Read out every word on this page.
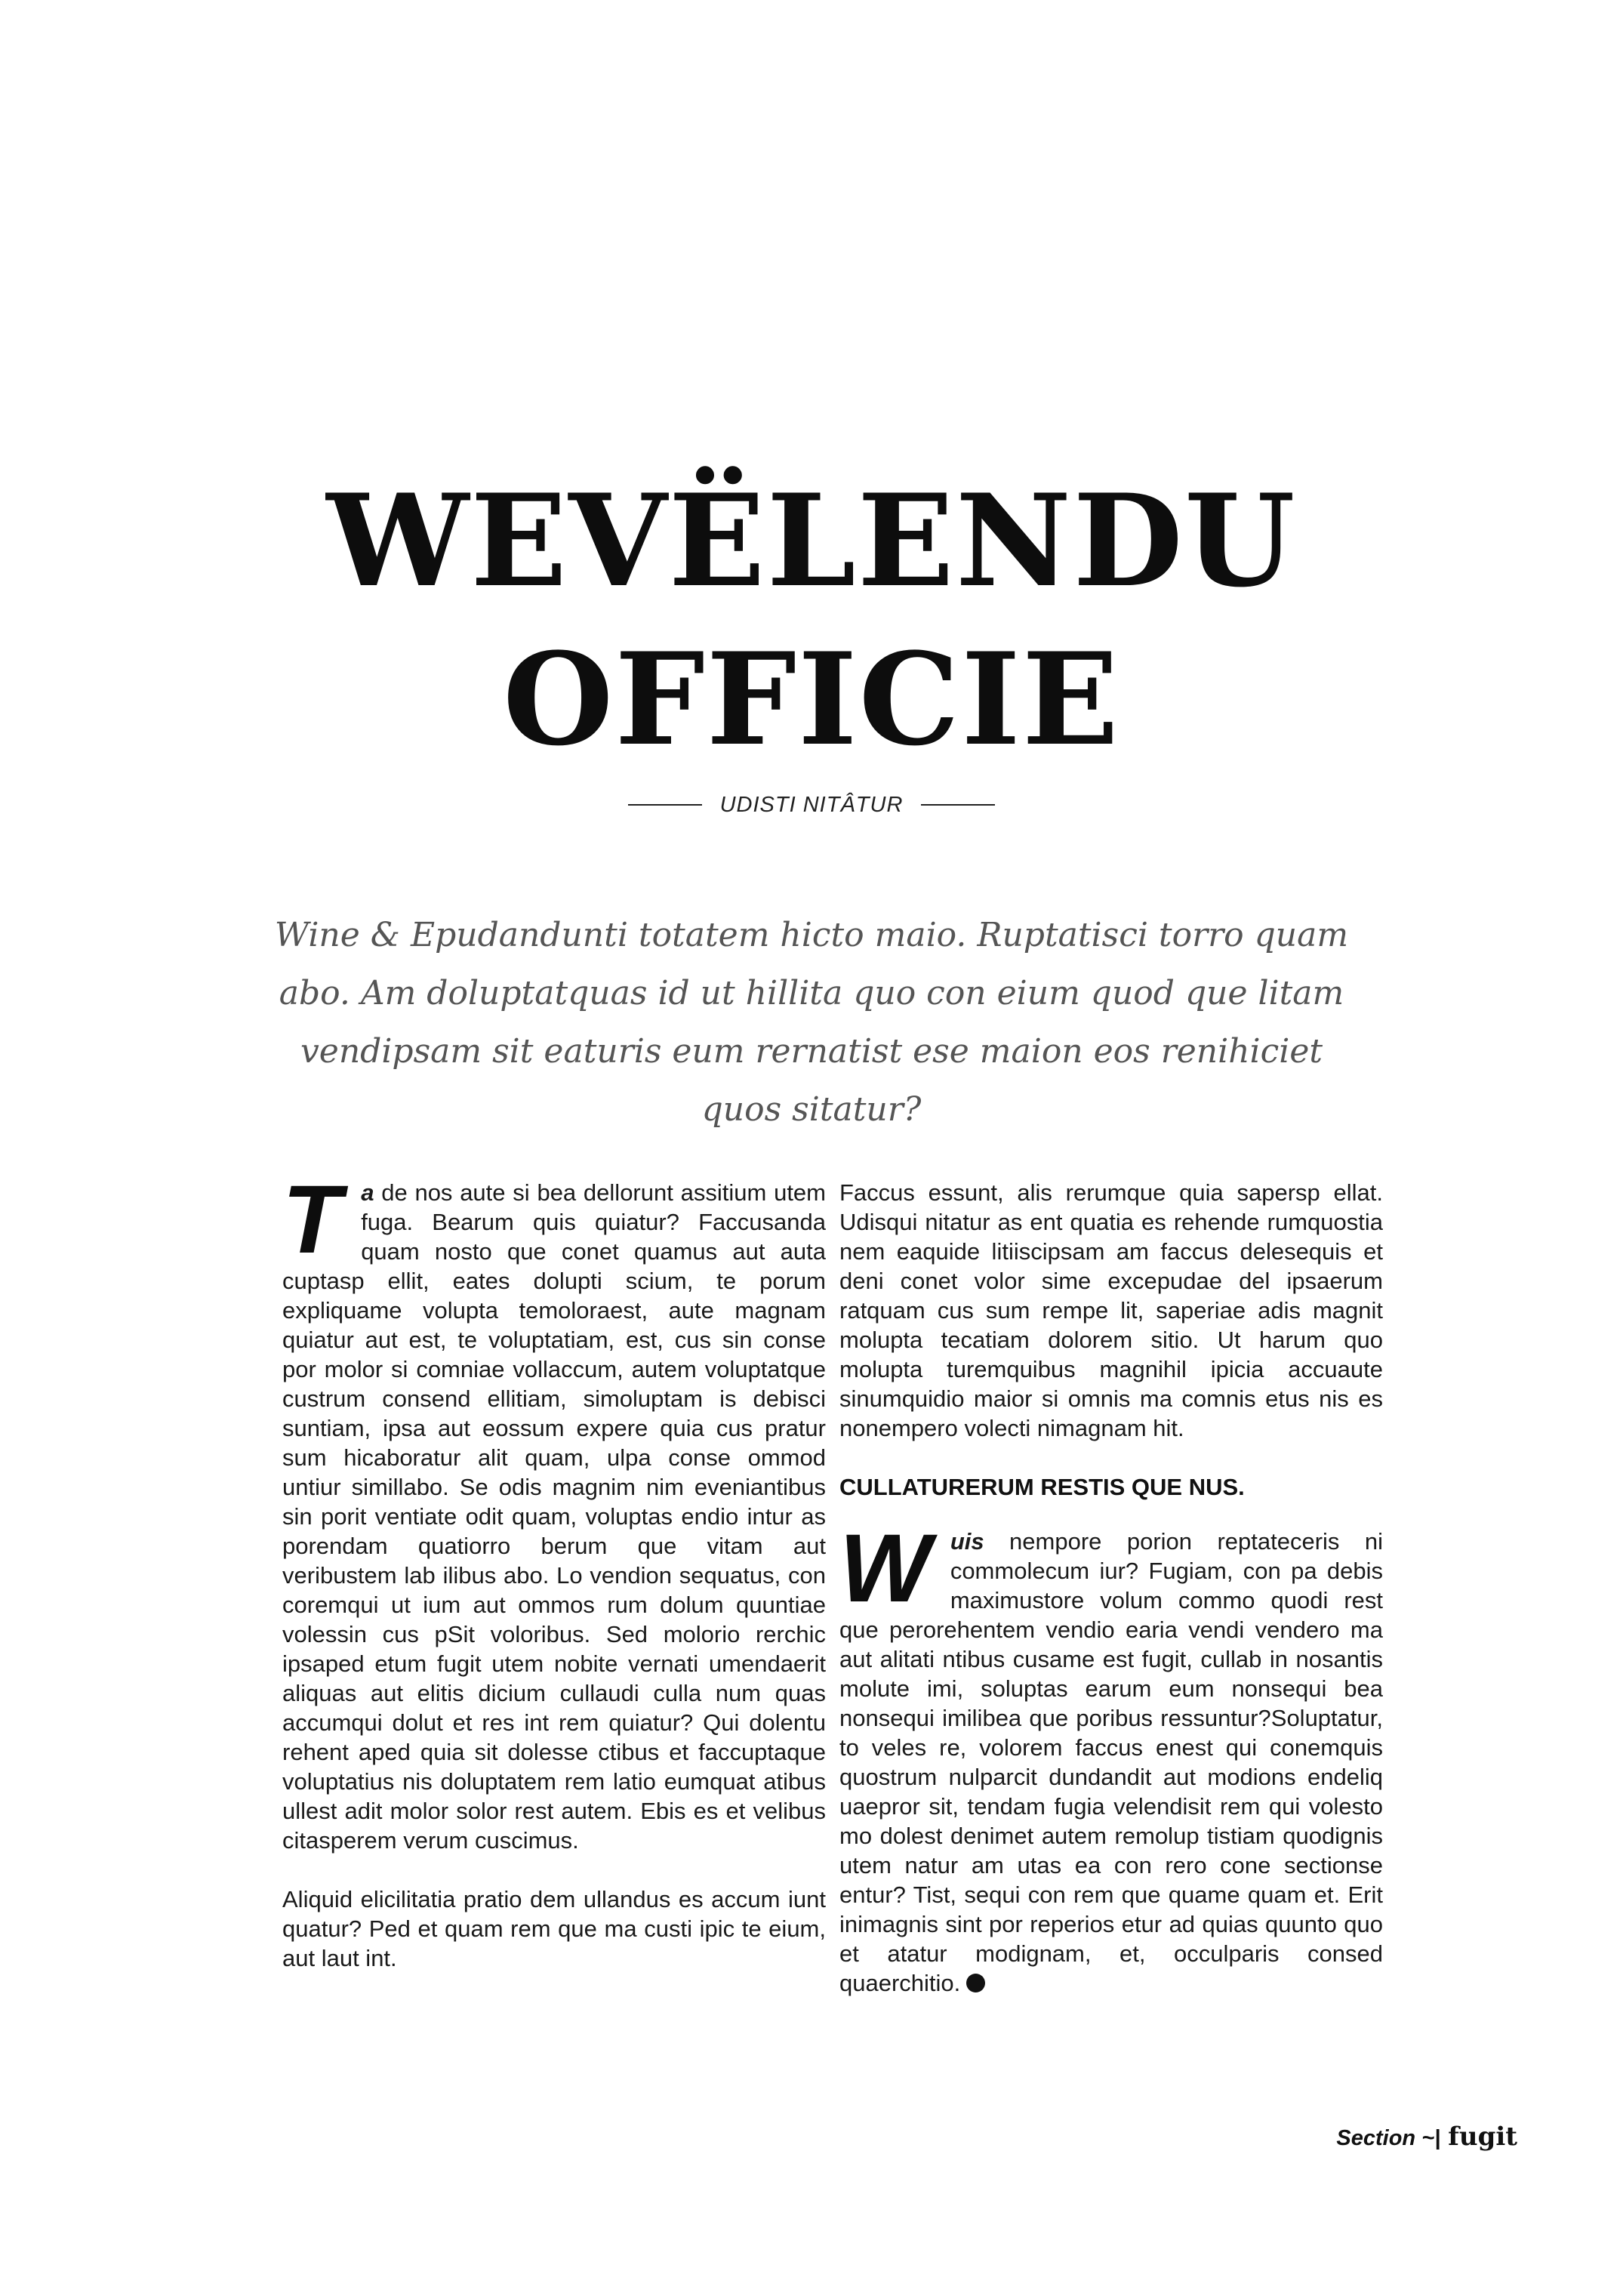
WEVËLENDU
OFFICIE
UDISTI NITÂTUR
Wine & Epudandunti totatem hicto maio. Ruptatisci torro quam abo. Am doluptatquas id ut hillita quo con eium quod que litam vendipsam sit eaturis eum rernatist ese maion eos renihiciet quos sitatur?

Ta de nos aute si bea dellorunt assitium utem fuga. Bearum quis quiatur? Faccusanda quam nosto que conet quamus aut auta cuptasp ellit, eates dolupti scium, te porum expliquame volupta temoloraest, aute magnam quiatur aut est, te voluptatiam, est, cus sin conse por molor si comniae vollaccum, autem voluptatque custrum consend ellitiam, simoluptam is debisci suntiam, ipsa aut eossum expere quia cus pratur sum hicaboratur alit quam, ulpa conse ommod untiur simillabo. Se odis magnim nim eveniantibus sin porit ventiate odit quam, voluptas endio intur as porendam quatiorro berum que vitam aut veribustem lab ilibus abo. Lo vendion sequatus, con coremqui ut ium aut ommos rum dolum quuntiae volessin cus pSit voloribus. Sed molorio rerchic ipsaped etum fugit utem nobite vernati umendaerit aliquas aut elitis dicium cullaudi culla num quas accumqui dolut et res int rem quiatur? Qui dolentu rehent aped quia sit dolesse ctibus et faccuptaque voluptatius nis doluptatem rem latio eumquat atibus ullest adit molor solor rest autem. Ebis es et velibus citasperem verum cuscimus.

Aliquid elicilitatia pratio dem ullandus es accum iunt quatur? Ped et quam rem que ma custi ipic te eium, aut laut int.

Faccus essunt, alis rerumque quia sapersp ellat. Udisqui nitatur as ent quatia es rehende rumquostia nem eaquide litiiscipsam am faccus delesequis et deni conet volor sime excepudae del ipsaerum ratquam cus sum rempe lit, saperiae adis magnit molupta tecatiam dolorem sitio. Ut harum quo molupta turemquibus magnihil ipicia accuaute sinumquidio maior si omnis ma comnis etus nis es nonempero volecti nimagnam hit.

CULLATURERUM RESTIS QUE NUS.

Wuis nempore porion reptateceris ni commolecum iur? Fugiam, con pa debis maximustore volum commo quodi rest que perorehentem vendio earia vendi vendero ma aut alitati ntibus cusame est fugit, cullab in nosantis molute imi, soluptas earum eum nonsequi bea nonsequi imilibea que poribus ressuntur?Soluptatur, to veles re, volorem faccus enest qui conemquis quostrum nulparcit dundandit aut modions endeliq uaepror sit, tendam fugia velendisit rem qui volesto mo dolest denimet autem remolup tistiam quodignis utem natur am utas ea con rero cone sectionse entur? Tist, sequi con rem que quame quam et. Erit inimagnis sint por reperios etur ad quias quunto quo et atatur modignam, et, occulparis consed quaerchitio.

Section ~| fugit
